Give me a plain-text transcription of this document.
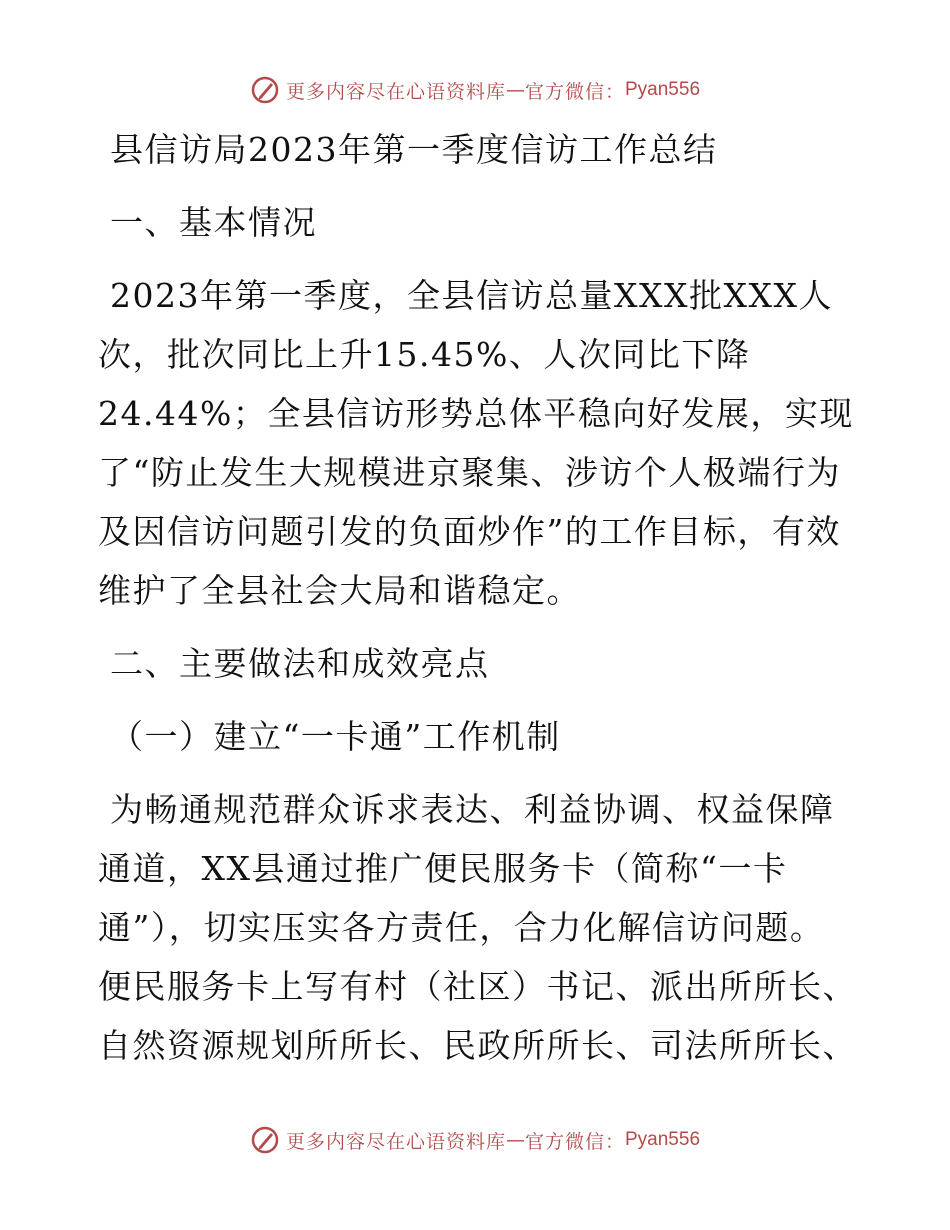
更多内容尽在心语资料库 — 官方微信： Pyan556

县信访局2023年第一季度信访工作总结

一、基本情况

2023年第一季度，全县信访总量XXX批XXX人

次，批次同比上升15.45%、人次同比下降

24.44%；全县信访形势总体平稳向好发展，实现

了“防止发生大规模进京聚集、涉访个人极端行为

及因信访问题引发的负面炒作”的工作目标，有效

维护了全县社会大局和谐稳定。

二、主要做法和成效亮点

（一）建立“一卡通”工作机制

为畅通规范群众诉求表达、利益协调、权益保障

通道，XX县通过推广便民服务卡（简称“一卡

通”），切实压实各方责任，合力化解信访问题。

便民服务卡上写有村（社区）书记、派出所所长、

自然资源规划所所长、民政所所长、司法所所长、

更多内容尽在心语资料库 — 官方微信： Pyan556
